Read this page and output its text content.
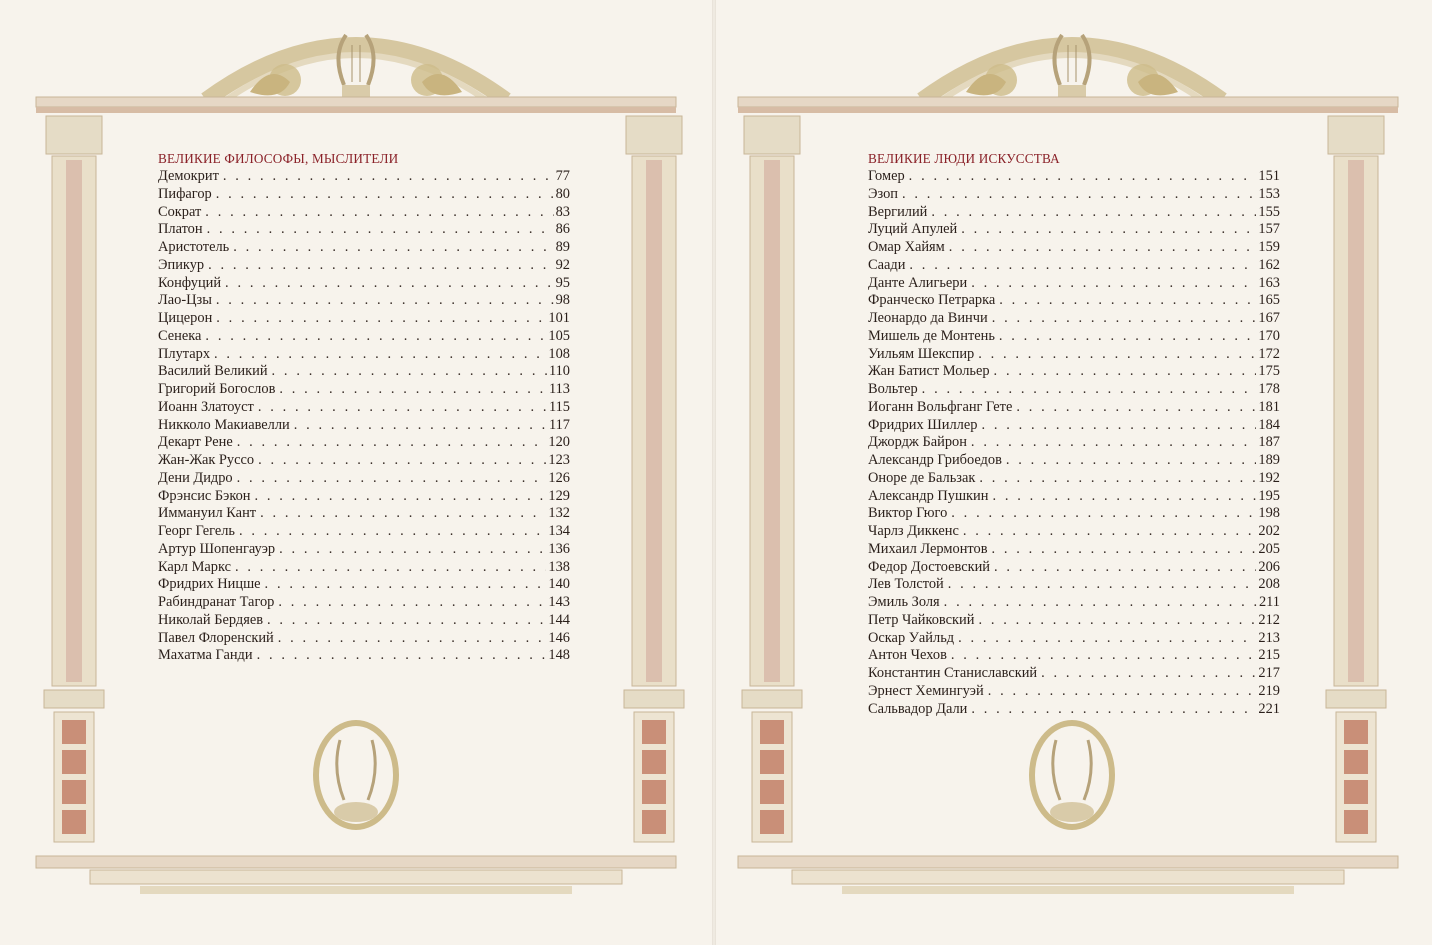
ВЕЛИКИЕ ФИЛОСОФЫ, МЫСЛИТЕЛИ
Демокрит . . .	77
Пифагор . . .	80
Сократ . . .	83
Платон . . .	86
Аристотель . . .	89
Эпикур . . .	92
Конфуций . . .	95
Лао-Цзы . . .	98
Цицерон . . .	101
Сенека . . .	105
Плутарх . . .	108
Василий Великий . . .	110
Григорий Богослов . . .	113
Иоанн Златоуст . . .	115
Никколо Макиавелли . . .	117
Декарт Рене . . .	120
Жан-Жак Руссо . . .	123
Дени Дидро . . .	126
Фрэнсис Бэкон . . .	129
Иммануил Кант . . .	132
Георг Гегель . . .	134
Артур Шопенгауэр . . .	136
Карл Маркс . . .	138
Фридрих Ницше . . .	140
Рабиндранат Тагор . . .	143
Николай Бердяев . . .	144
Павел Флоренский . . .	146
Махатма Ганди . . .	148
ВЕЛИКИЕ ЛЮДИ ИСКУССТВА
Гомер . . .	151
Эзоп . . .	153
Вергилий . . .	155
Луций Апулей . . .	157
Омар Хайям . . .	159
Саади . . .	162
Данте Алигьери . . .	163
Франческо Петрарка . . .	165
Леонардо да Винчи . . .	167
Мишель де Монтень . . .	170
Уильям Шекспир . . .	172
Жан Батист Мольер . . .	175
Вольтер . . .	178
Иоганн Вольфганг Гете . . .	181
Фридрих Шиллер . . .	184
Джордж Байрон . . .	187
Александр Грибоедов . . .	189
Оноре де Бальзак . . .	192
Александр Пушкин . . .	195
Виктор Гюго . . .	198
Чарлз Диккенс . . .	202
Михаил Лермонтов . . .	205
Федор Достоевский . . .	206
Лев Толстой . . .	208
Эмиль Золя . . .	211
Петр Чайковский . . .	212
Оскар Уайльд . . .	213
Антон Чехов . . .	215
Константин Станиславский . . .	217
Эрнест Хемингуэй . . .	219
Сальвадор Дали . . .	221
